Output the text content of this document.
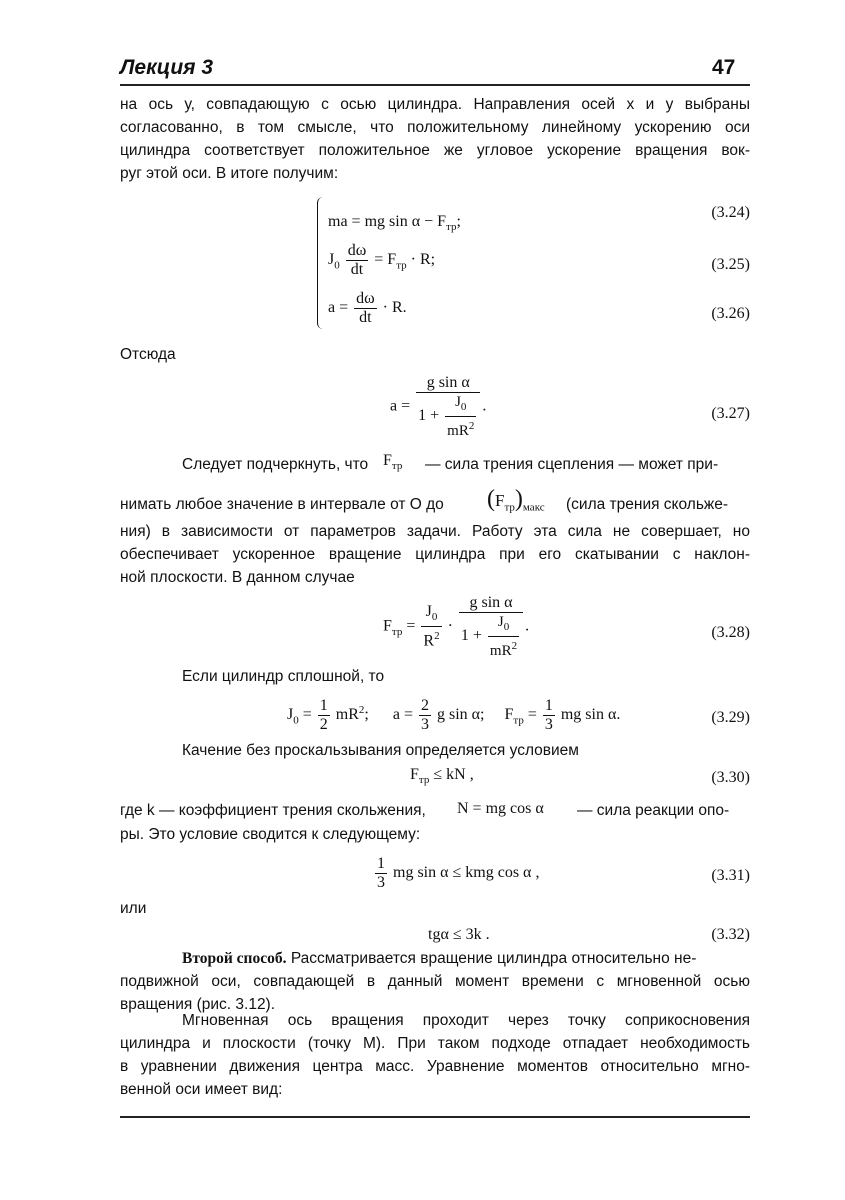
Лекция 3	47
на ось у, совпадающую с осью цилиндра. Направления осей х и у выбраны
согласованно, в том смысле, что положительному линейному ускорению оси
цилиндра соответствует положительное же угловое ускорение вращения вок-
руг этой оси. В итоге получим:
ma = mg $\sin \alpha - F_{тр}$;
(3.24)
$J_0 \frac{d\omega}{dt} = F_{тр} \cdot R$;	(3.25)
$a = \frac{d\omega}{dt} \cdot R$.	(3.26)
Отсюда
$a = \frac{\text{g sin α}}{1 + \frac{J_0}{mR^2}}$ .	(3.27)
Следует подчеркнуть, что $F_{тр}$ — сила трения сцепления — может при-
нимать любое значение в интервале от О до $(F_{тр})_{макс}$ (сила трения скольже-
ния) в зависимости от параметров задачи. Работу эта сила не совершает, но
обеспечивает ускоренное вращение цилиндра при его скатывании с наклон-
ной плоскости. В данном случае
$F_{тр} = \frac{J_0}{R^2} \cdot \frac{\text{g sin α}}{1 + \frac{J_0}{mR^2}}$ .	(3.28)
Если цилиндр сплошной, то
$J_0 = \frac{1}{2} mR^2$;      $a = \frac{2}{3}$ g sin α;     $F_{тр} = \frac{1}{3}$ mg sin α.	(3.29)
Качение без проскальзывания определяется условием
$F_{тр}$ ≤ kN ,	(3.30)
где k — коэффициент трения скольжения, N = mg cos α — сила реакции опо-
ры. Это условие сводится к следующему:
$\frac{1}{3}$ mg sin α ≤ kmg cos α ,	(3.31)
или
tgα ≤ 3k .	(3.32)
Второй способ. Рассматривается вращение цилиндра относительно не-
подвижной оси, совпадающей в данный момент времени с мгновенной осью
вращения (рис. 3.12).
Мгновенная ось вращения проходит через точку соприкосновения
цилиндра и плоскости (точку М). При таком подходе отпадает необходимость
в уравнении движения центра масс. Уравнение моментов относительно мгно-
венной оси имеет вид:
